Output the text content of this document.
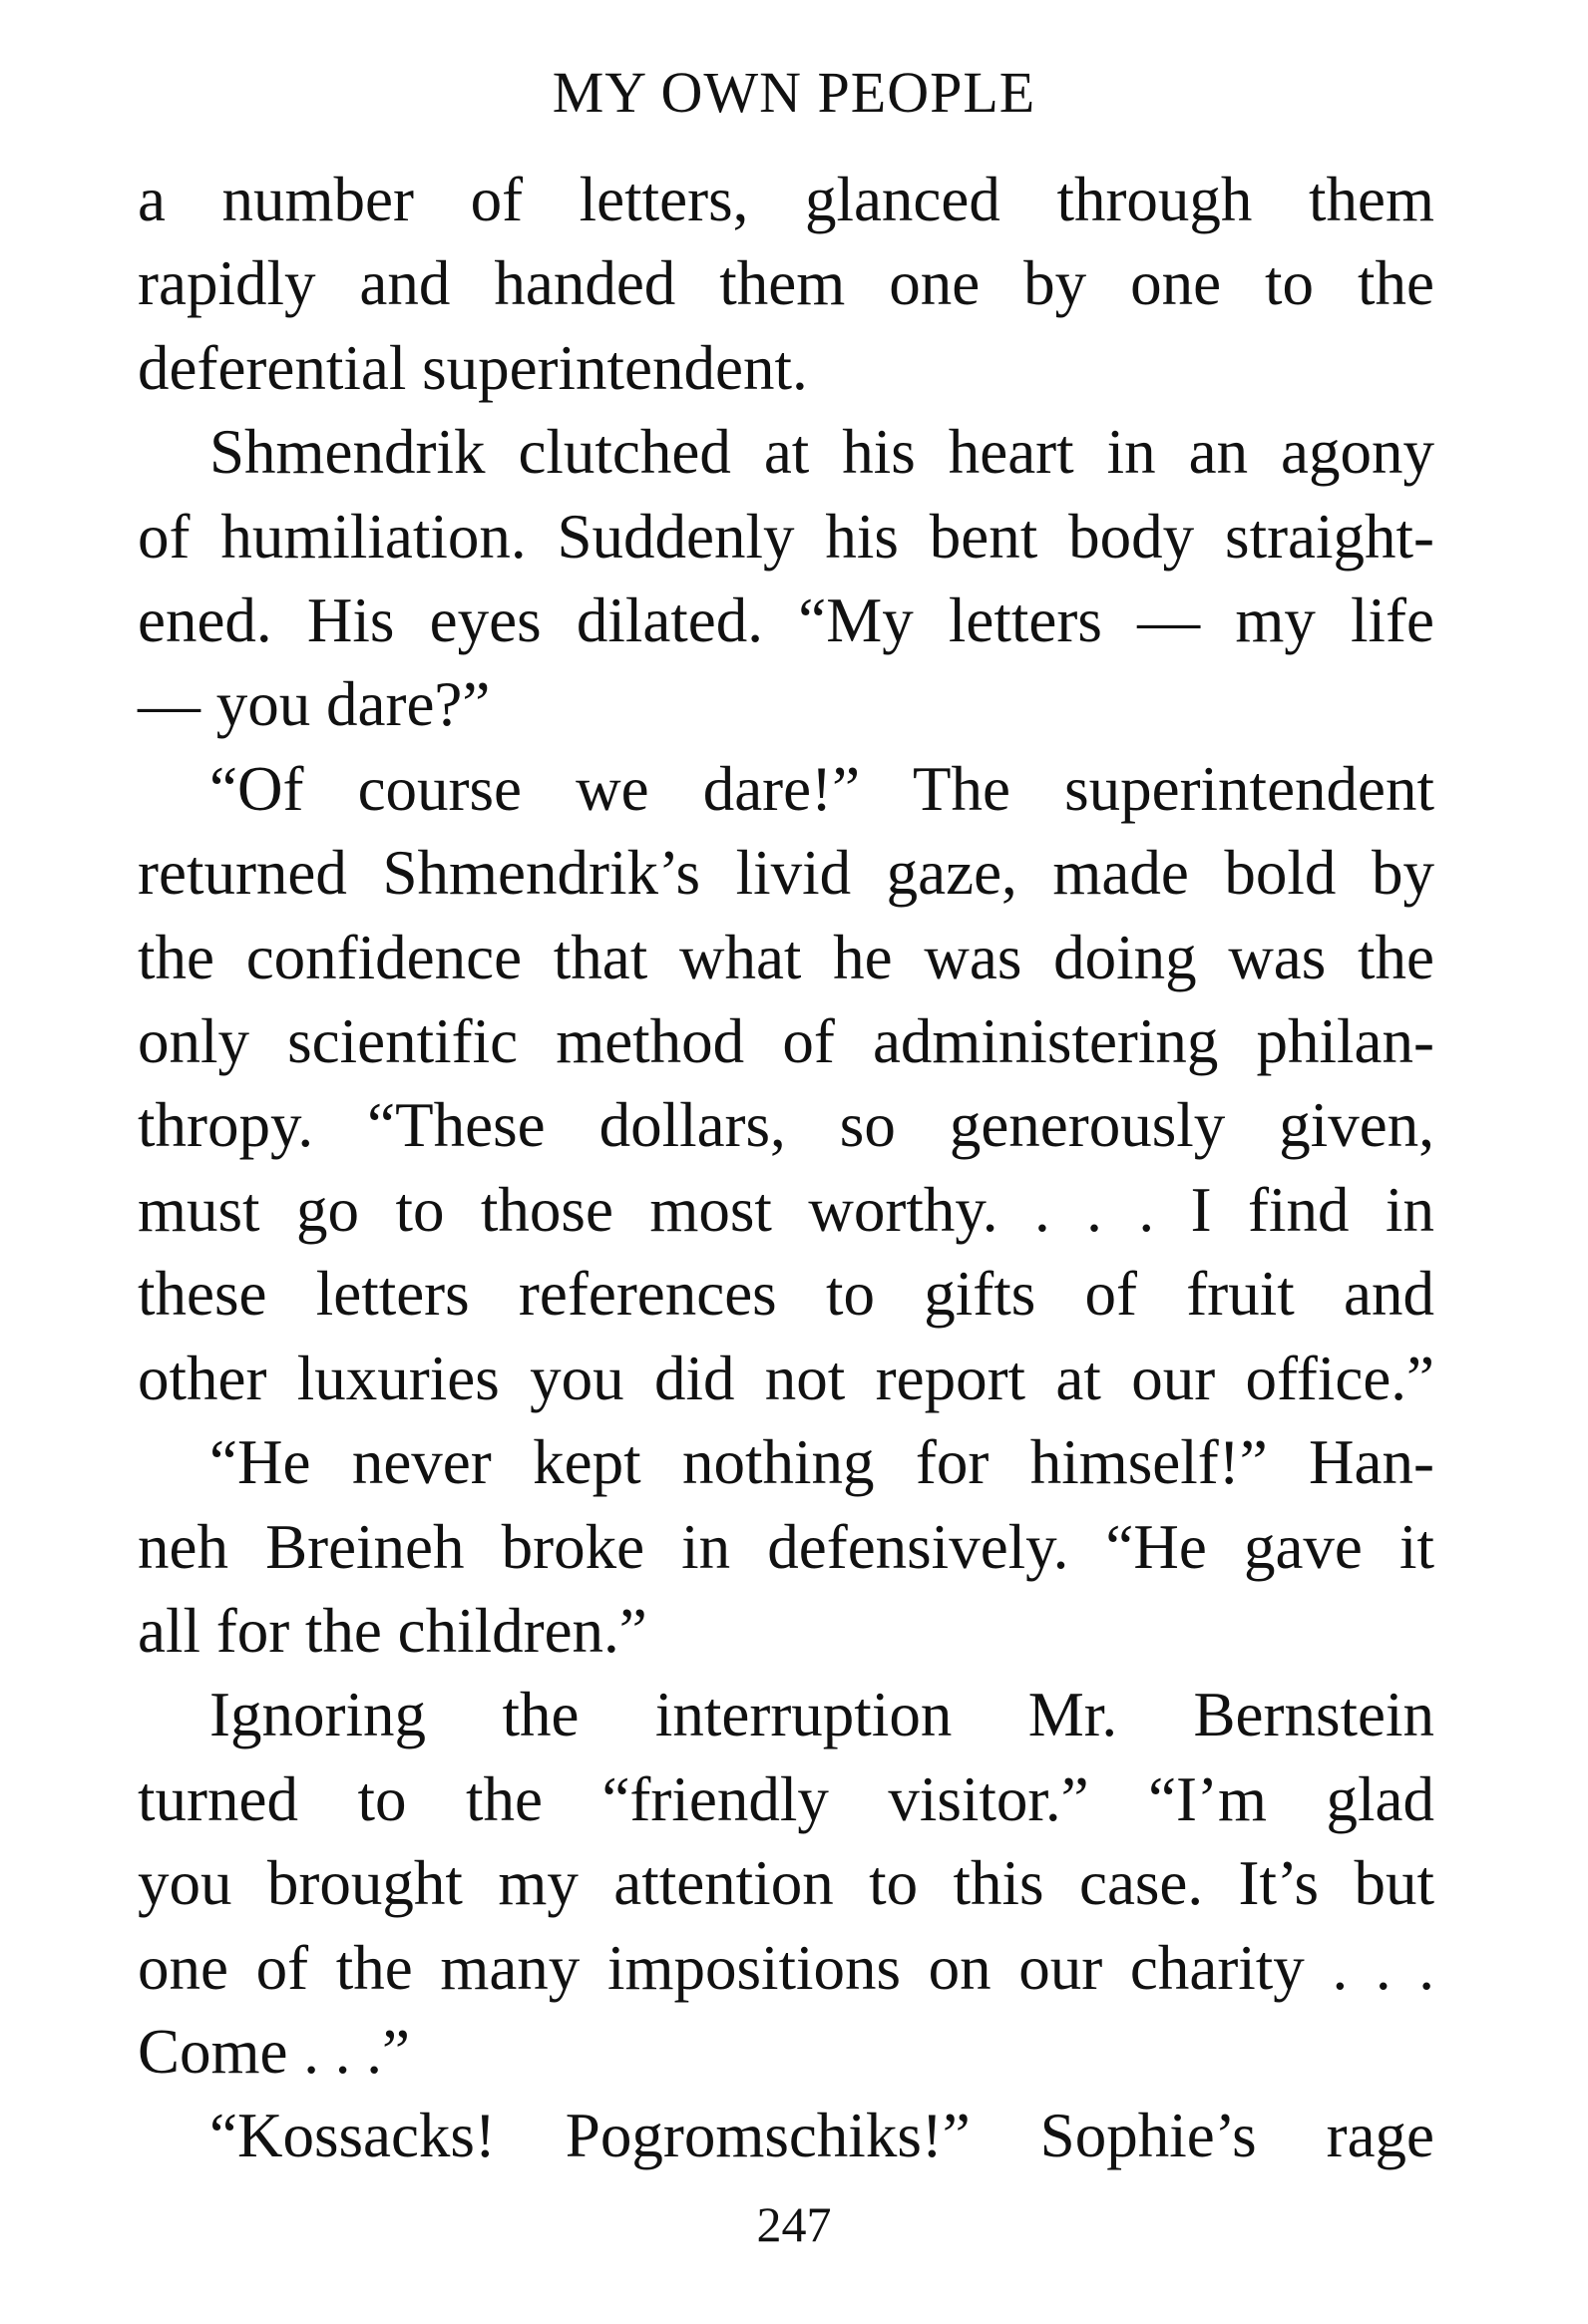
MY OWN PEOPLE
a number of letters, glanced through them
rapidly and handed them one by one to the
deferential superintendent.
Shmendrik clutched at his heart in an agony
of humiliation. Suddenly his bent body straight-
ened. His eyes dilated. “My letters — my life
— you dare?”
“Of course we dare!” The superintendent
returned Shmendrik’s livid gaze, made bold by
the confidence that what he was doing was the
only scientific method of administering philan-
thropy. “These dollars, so generously given,
must go to those most worthy. . . . I find in
these letters references to gifts of fruit and
other luxuries you did not report at our office.”
“He never kept nothing for himself!” Han-
neh Breineh broke in defensively. “He gave it
all for the children.”
Ignoring the interruption Mr. Bernstein
turned to the “friendly visitor.” “I’m glad
you brought my attention to this case. It’s but
one of the many impositions on our charity . . .
Come . . .”
“Kossacks! Pogromschiks!” Sophie’s rage
247
